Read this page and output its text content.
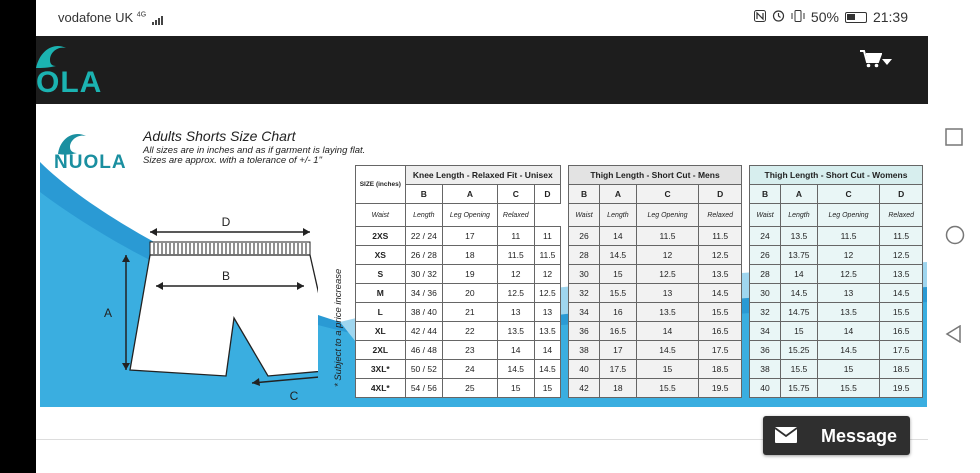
vodafone UK $^{4G}$	50% 21:39
OLA
NUOLA
Adults Shorts Size Chart
All sizes are in inches and as if garment is laying flat.
Sizes are approx. with a tolerance of +/- 1"
D
B
A
C
* Subject to a price increase
SIZE (inches)	Knee Length - Relaxed Fit - Unisex			
	B	A	C	D
Waist	Length	Leg Opening	Relaxed	
2XS	22 / 24	17	11	11
XS	26 / 28	18	11.5	11.5
S	30 / 32	19	12	12
M	34 / 36	20	12.5	12.5
L	38 / 40	21	13	13
XL	42 / 44	22	13.5	13.5
2XL	46 / 48	23	14	14
3XL*	50 / 52	24	14.5	14.5
4XL*	54 / 56	25	15	15
Thigh Length - Short Cut - Mens			
B	A	C	D
Waist	Length	Leg Opening	Relaxed
26	14	11.5	11.5
28	14.5	12	12.5
30	15	12.5	13.5
32	15.5	13	14.5
34	16	13.5	15.5
36	16.5	14	16.5
38	17	14.5	17.5
40	17.5	15	18.5
42	18	15.5	19.5
Thigh Length - Short Cut - Womens			
B	A	C	D
Waist	Length	Leg Opening	Relaxed
24	13.5	11.5	11.5
26	13.75	12	12.5
28	14	12.5	13.5
30	14.5	13	14.5
32	14.75	13.5	15.5
34	15	14	16.5
36	15.25	14.5	17.5
38	15.5	15	18.5
40	15.75	15.5	19.5
Message
